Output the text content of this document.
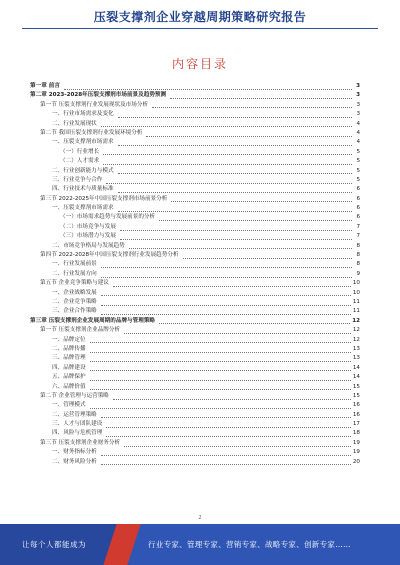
压裂支撑剂企业穿越周期策略研究报告
内容目录
第一章 前言	3
第二章 2023-2028年压裂支撑剂市场前景及趋势预测	3
第一节 压裂支撑剂行业发展现状及市场分析	3
一、行业市场需求及变化	3
二、行业发展现状	4
第二节 我国压裂支撑剂行业发展环境分析	4
一、压裂支撑剂市场需求	4
（一）行业增长	5
（二）人才需求	5
二、行业创新能力与模式	5
三、行业竞争与合作	5
四、行业技术与质量标准	6
第三节 2022-2025年中国压裂支撑剂市场前景分析	6
一、压裂支撑剂市场需求	6
（一）市场需求趋势与发展前景的分析	6
（二）市场竞争与发展	7
（三）市场潜力与发展	7
二、市场竞争格局与发展趋势	8
第四节 2022-2028年中国压裂支撑剂行业发展趋势分析	8
一、行业发展前景	8
二、行业发展方向	9
第五节 企业竞争策略与建议	10
一、企业战略发展	10
二、企业竞争策略	11
三、企业合作策略	11
第三章 压裂支撑剂企业发展周期的品牌与管理策略	12
第一节 压裂支撑剂企业品牌分析	12
一、品牌定位	12
二、品牌传播	13
三、品牌管理	13
四、品牌建设	14
五、品牌保护	14
六、品牌价值	15
第二节 企业管理与运营策略	15
一、管理模式	16
二、运营管理策略	16
三、人才与团队建设	17
四、风险与危机管理	18
第三节 压裂支撑剂企业财务分析	19
一、财务指标分析	19
二、财务风险分析	20
2
让每个人都能成为	行业专家、管理专家、营销专家、战略专家、创新专家……
